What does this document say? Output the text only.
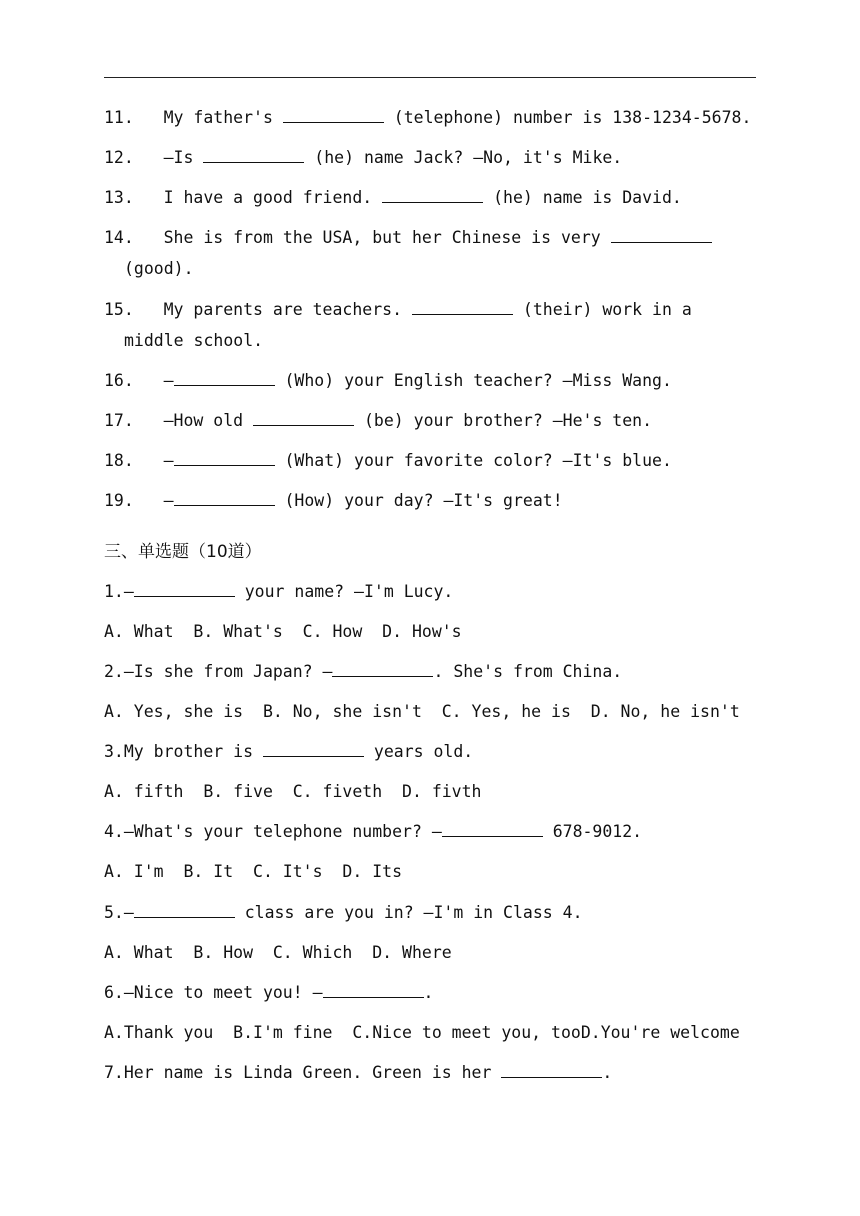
11.   My father's	(telephone) number is 138-1234-5678.
12.   —Is	(he) name Jack? —No, it's Mike.
13.   I have a good friend.	(he) name is David.
14.   She is from the USA, but her Chinese is very
(good).
15.   My parents are teachers.	(their) work in a
middle school.
16.   —	(Who) your English teacher? —Miss Wang.
17.   —How old	(be) your brother? —He's ten.
18.   —	(What) your favorite color? —It's blue.
19.   —	(How) your day? —It's great!
三、单选题（10道）
1.—	your name? —I'm Lucy.
A. What  B. What's  C. How  D. How's
2.—Is she from Japan? —	. She's from China.
A. Yes, she is  B. No, she isn't  C. Yes, he is  D. No, he isn't
3.My brother is	years old.
A. fifth  B. five  C. fiveth  D. fivth
4.—What's your telephone number? —	678-9012.
A. I'm  B. It  C. It's  D. Its
5.—	class are you in? —I'm in Class 4.
A. What  B. How  C. Which  D. Where
6.—Nice to meet you! —	.
A.Thank you  B.I'm fine  C.Nice to meet you, tooD.You're welcome
7.Her name is Linda Green. Green is her	.
